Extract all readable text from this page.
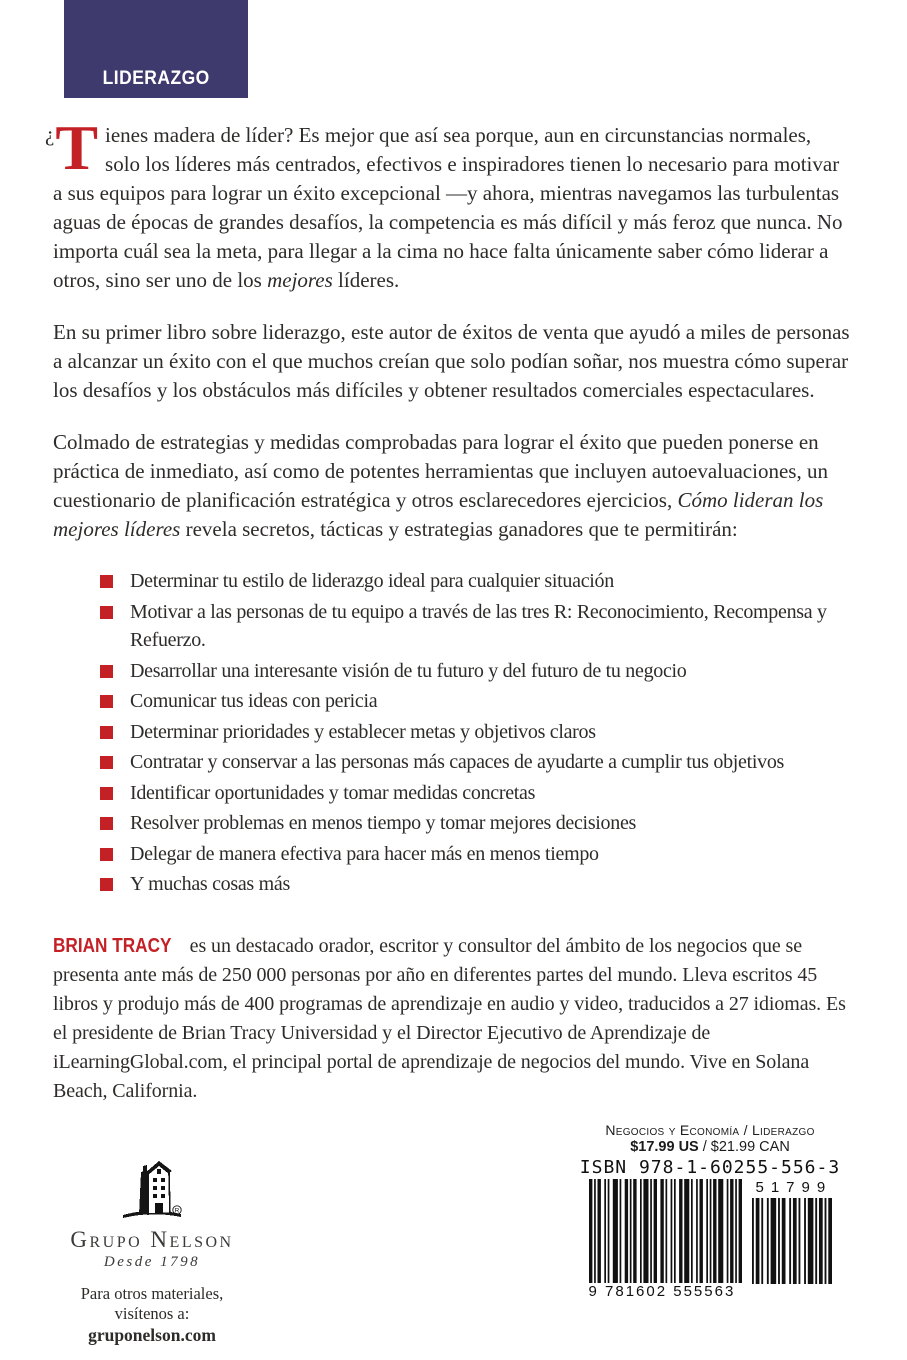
LIDERAZGO

¿ T ienes madera de líder? Es mejor que así sea porque, aun en circunstancias normales, solo los líderes más centrados, efectivos e inspiradores tienen lo necesario para motivar a sus equipos para lograr un éxito excepcional —y ahora, mientras navegamos las turbulentas aguas de épocas de grandes desafíos, la competencia es más difícil y más feroz que nunca. No importa cuál sea la meta, para llegar a la cima no hace falta únicamente saber cómo liderar a otros, sino ser uno de los mejores líderes.

En su primer libro sobre liderazgo, este autor de éxitos de venta que ayudó a miles de personas a alcanzar un éxito con el que muchos creían que solo podían soñar, nos muestra cómo superar los desafíos y los obstáculos más difíciles y obtener resultados comerciales espectaculares.

Colmado de estrategias y medidas comprobadas para lograr el éxito que pueden ponerse en práctica de inmediato, así como de potentes herramientas que incluyen autoevaluaciones, un cuestionario de planificación estratégica y otros esclarecedores ejercicios, Cómo lideran los mejores líderes revela secretos, tácticas y estrategias ganadores que te permitirán:

Determinar tu estilo de liderazgo ideal para cualquier situación
Motivar a las personas de tu equipo a través de las tres R: Reconocimiento, Recompensa y Refuerzo.
Desarrollar una interesante visión de tu futuro y del futuro de tu negocio
Comunicar tus ideas con pericia
Determinar prioridades y establecer metas y objetivos claros
Contratar y conservar a las personas más capaces de ayudarte a cumplir tus objetivos
Identificar oportunidades y tomar medidas concretas
Resolver problemas en menos tiempo y tomar mejores decisiones
Delegar de manera efectiva para hacer más en menos tiempo
Y muchas cosas más

BRIAN TRACY es un destacado orador, escritor y consultor del ámbito de los negocios que se presenta ante más de 250 000 personas por año en diferentes partes del mundo. Lleva escritos 45 libros y produjo más de 400 programas de aprendizaje en audio y video, traducidos a 27 idiomas. Es el presidente de Brian Tracy Universidad y el Director Ejecutivo de Aprendizaje de iLearningGlobal.com, el principal portal de aprendizaje de negocios del mundo. Vive en Solana Beach, California.

R
Grupo Nelson
Desde 1798
Para otros materiales, visítenos a:
gruponelson.com
Negocios y Economía / Liderazgo
$17.99 US / $21.99 CAN
ISBN 978-1-60255-556-3
9 781602 555563
51799
